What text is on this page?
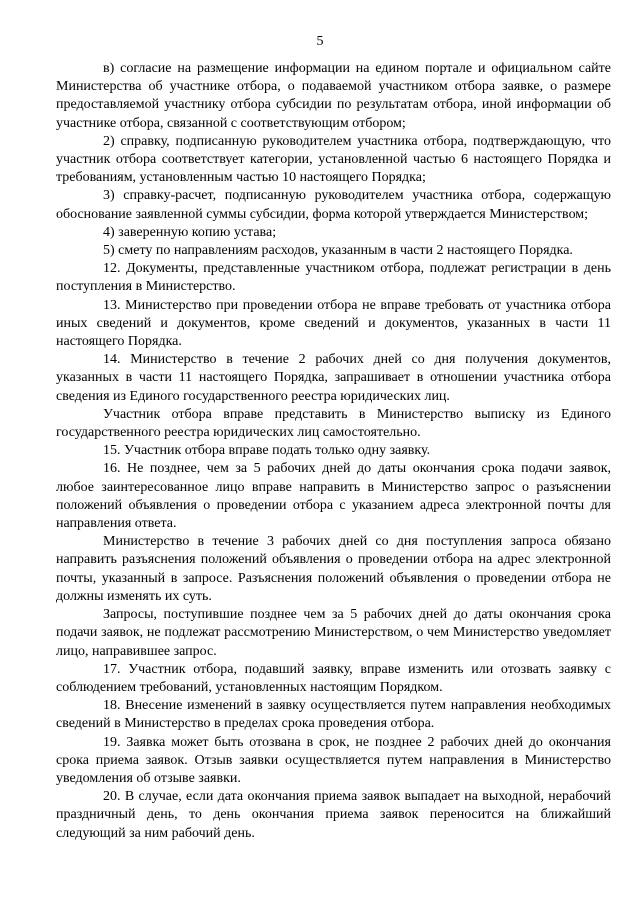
5

в) согласие на размещение информации на едином портале и официальном сайте Министерства об участнике отбора, о подаваемой участником отбора заявке, о размере предоставляемой участнику отбора субсидии по результатам отбора, иной информации об участнике отбора, связанной с соответствующим отбором;

2) справку, подписанную руководителем участника отбора, подтверждающую, что участник отбора соответствует категории, установленной частью 6 настоящего Порядка и требованиям, установленным частью 10 настоящего Порядка;

3) справку-расчет, подписанную руководителем участника отбора, содержащую обоснование заявленной суммы субсидии, форма которой утверждается Министерством;

4) заверенную копию устава;

5) смету по направлениям расходов, указанным в части 2 настоящего Порядка.

12. Документы, представленные участником отбора, подлежат регистрации в день поступления в Министерство.

13. Министерство при проведении отбора не вправе требовать от участника отбора иных сведений и документов, кроме сведений и документов, указанных в части 11 настоящего Порядка.

14. Министерство в течение 2 рабочих дней со дня получения документов, указанных в части 11 настоящего Порядка, запрашивает в отношении участника отбора сведения из Единого государственного реестра юридических лиц.

Участник отбора вправе представить в Министерство выписку из Единого государственного реестра юридических лиц самостоятельно.

15. Участник отбора вправе подать только одну заявку.

16. Не позднее, чем за 5 рабочих дней до даты окончания срока подачи заявок, любое заинтересованное лицо вправе направить в Министерство запрос о разъяснении положений объявления о проведении отбора с указанием адреса электронной почты для направления ответа.

Министерство в течение 3 рабочих дней со дня поступления запроса обязано направить разъяснения положений объявления о проведении отбора на адрес электронной почты, указанный в запросе. Разъяснения положений объявления о проведении отбора не должны изменять их суть.

Запросы, поступившие позднее чем за 5 рабочих дней до даты окончания срока подачи заявок, не подлежат рассмотрению Министерством, о чем Министерство уведомляет лицо, направившее запрос.

17. Участник отбора, подавший заявку, вправе изменить или отозвать заявку с соблюдением требований, установленных настоящим Порядком.

18. Внесение изменений в заявку осуществляется путем направления необходимых сведений в Министерство в пределах срока проведения отбора.

19. Заявка может быть отозвана в срок, не позднее 2 рабочих дней до окончания срока приема заявок. Отзыв заявки осуществляется путем направления в Министерство уведомления об отзыве заявки.

20. В случае, если дата окончания приема заявок выпадает на выходной, нерабочий праздничный день, то день окончания приема заявок переносится на ближайший следующий за ним рабочий день.
